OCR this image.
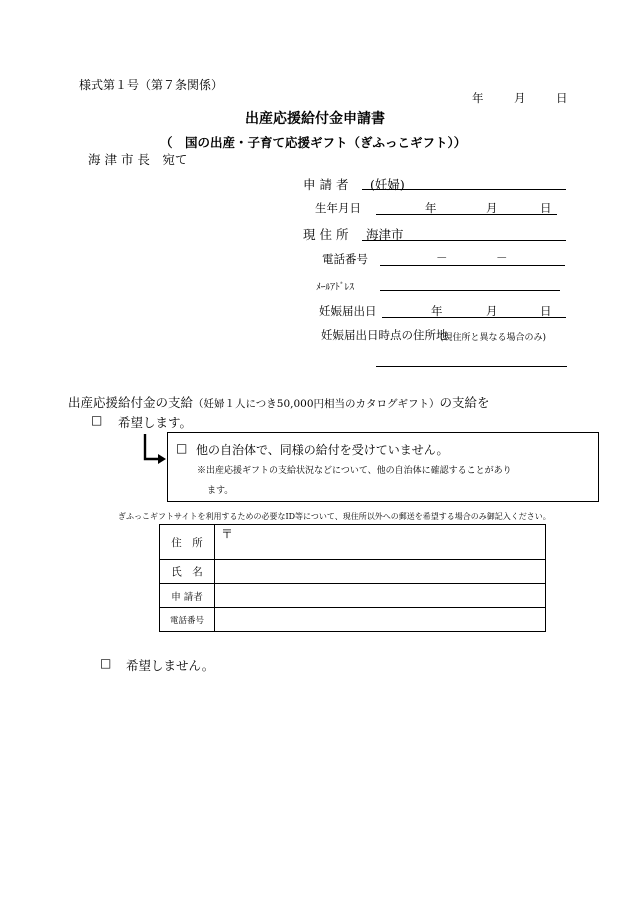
様式第１号（第７条関係）
年	月	日
出産応援給付金申請書
（　国の出産・子育て応援ギフト（ぎふっこギフト））
海 津 市 長　宛て
申 請 者 (妊婦)
生年月日	年	月	日
現 住 所 海津市
電話番号	－	－
ﾒｰﾙｱﾄﾞﾚｽ
妊娠届出日	年	月	日
妊娠届出日時点の住所地
(現住所と異なる場合のみ)
出産応援給付金の支給（妊婦１人につき50,000円相当のカタログギフト）の支給を
□ 希望します。
□ 他の自治体で、同様の給付を受けていません。
※出産応援ギフトの支給状況などについて、他の自治体に確認することがあり
ます。
ぎふっこギフトサイトを利用するための必要なID等について、現住所以外への郵送を希望する場合のみ御記入ください。
住　所	〒
氏　名	
申 請者	
電話番号	
□ 希望しません。
